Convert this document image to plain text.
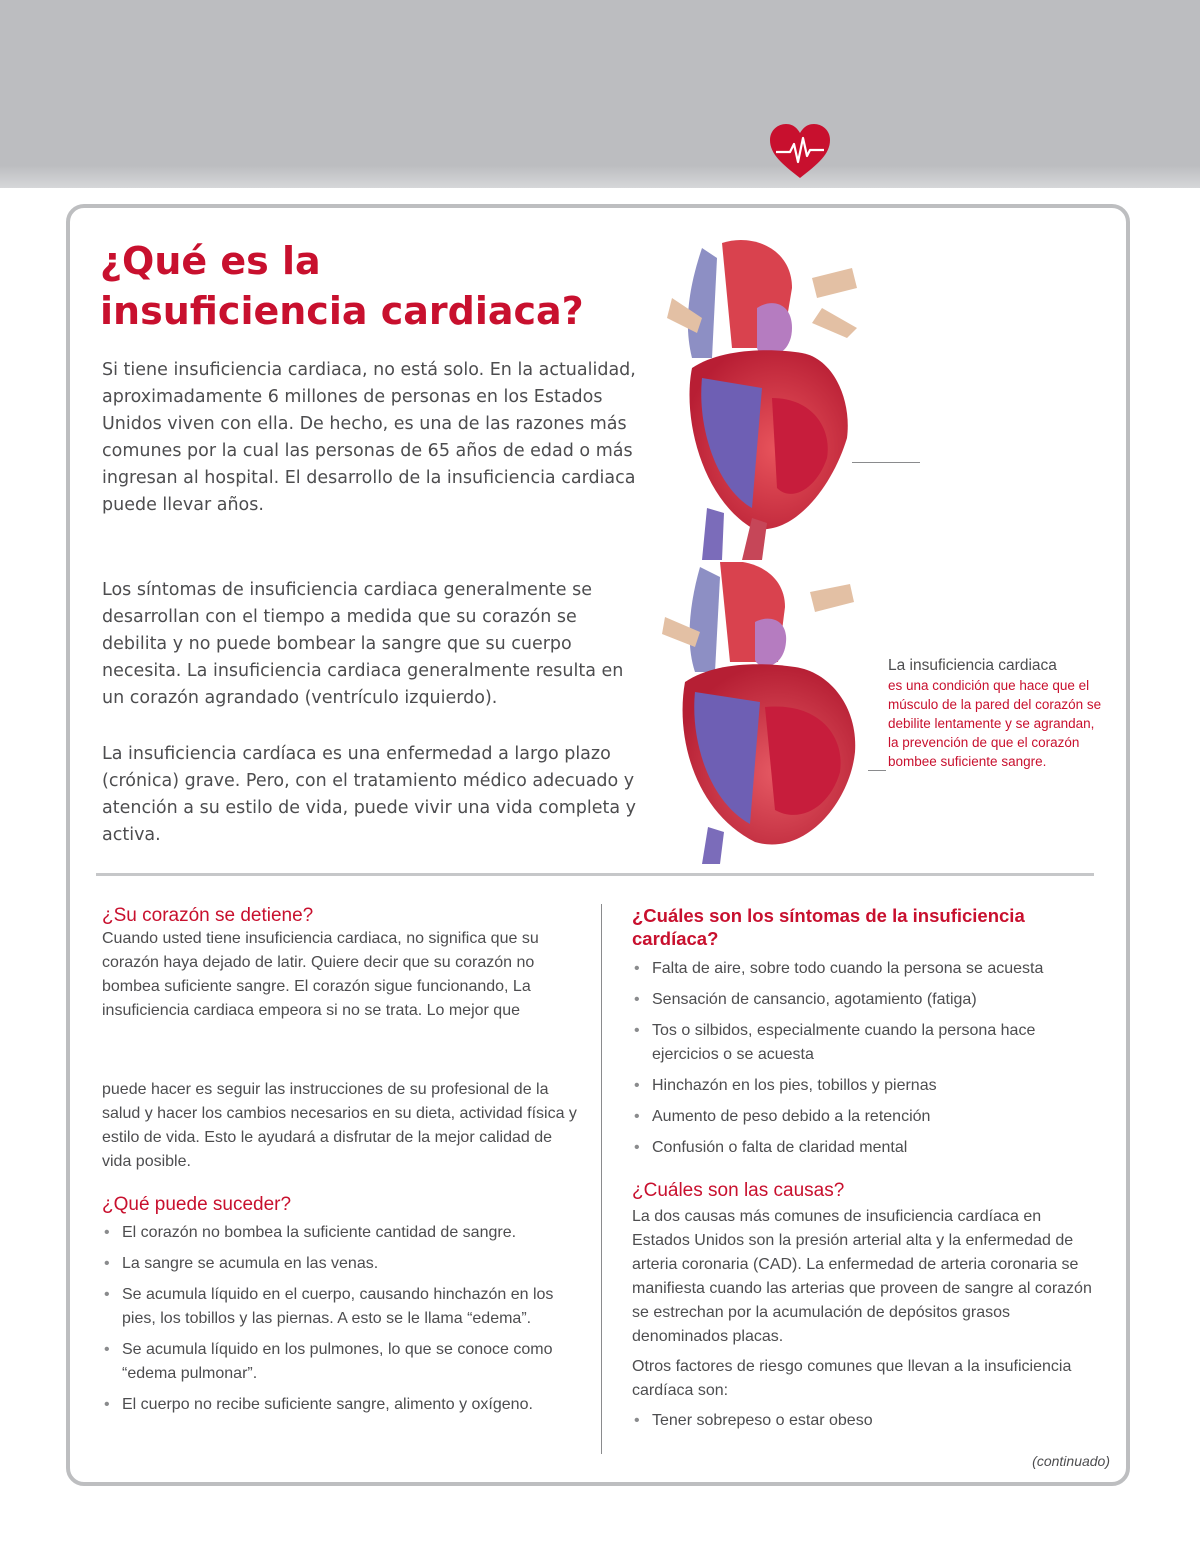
¿Qué es la
insuficiencia cardiaca?

Si tiene insuficiencia cardiaca, no está solo. En la actualidad, aproximadamente 6 millones de personas en los Estados Unidos viven con ella. De hecho, es una de las razones más comunes por la cual las personas de 65 años de edad o más ingresan al hospital. El desarrollo de la insuficiencia cardiaca puede llevar años.

Los síntomas de insuficiencia cardiaca generalmente se desarrollan con el tiempo a medida que su corazón se debilita y no puede bombear la sangre que su cuerpo necesita. La insuficiencia cardiaca generalmente resulta en un corazón agrandado (ventrículo izquierdo).

La insuficiencia cardíaca es una enfermedad a largo plazo (crónica) grave. Pero, con el tratamiento médico adecuado y atención a su estilo de vida, puede vivir una vida completa y activa.

La insuficiencia cardiaca
es una condición que hace que el músculo de la pared del corazón se debilite lentamente y se agrandan, la prevención de que el corazón bombee suficiente sangre.
¿Su corazón se detiene?

Cuando usted tiene insuficiencia cardiaca, no significa que su corazón haya dejado de latir. Quiere decir que su corazón no bombea suficiente sangre. El corazón sigue funcionando, La insuficiencia cardiaca empeora si no se trata. Lo mejor que

puede hacer es seguir las instrucciones de su profesional de la salud y hacer los cambios necesarios en su dieta, actividad física y estilo de vida. Esto le ayudará a disfrutar de la mejor calidad de vida posible.

¿Qué puede suceder?
• El corazón no bombea la suficiente cantidad de sangre.
• La sangre se acumula en las venas.
• Se acumula líquido en el cuerpo, causando hinchazón en los pies, los tobillos y las piernas. A esto se le llama “edema”.
• Se acumula líquido en los pulmones, lo que se conoce como “edema pulmonar”.
• El cuerpo no recibe suficiente sangre, alimento y oxígeno.
¿Cuáles son los síntomas de la insuficiencia cardíaca?
• Falta de aire, sobre todo cuando la persona se acuesta
• Sensación de cansancio, agotamiento (fatiga)
• Tos o silbidos, especialmente cuando la persona hace ejercicios o se acuesta
• Hinchazón en los pies, tobillos y piernas
• Aumento de peso debido a la retención
• Confusión o falta de claridad mental
¿Cuáles son las causas?

La dos causas más comunes de insuficiencia cardíaca en Estados Unidos son la presión arterial alta y la enfermedad de arteria coronaria (CAD). La enfermedad de arteria coronaria se manifiesta cuando las arterias que proveen de sangre al corazón se estrechan por la acumulación de depósitos grasos denominados placas.

Otros factores de riesgo comunes que llevan a la insuficiencia cardíaca son:

• Tener sobrepeso o estar obeso
(continuado)
